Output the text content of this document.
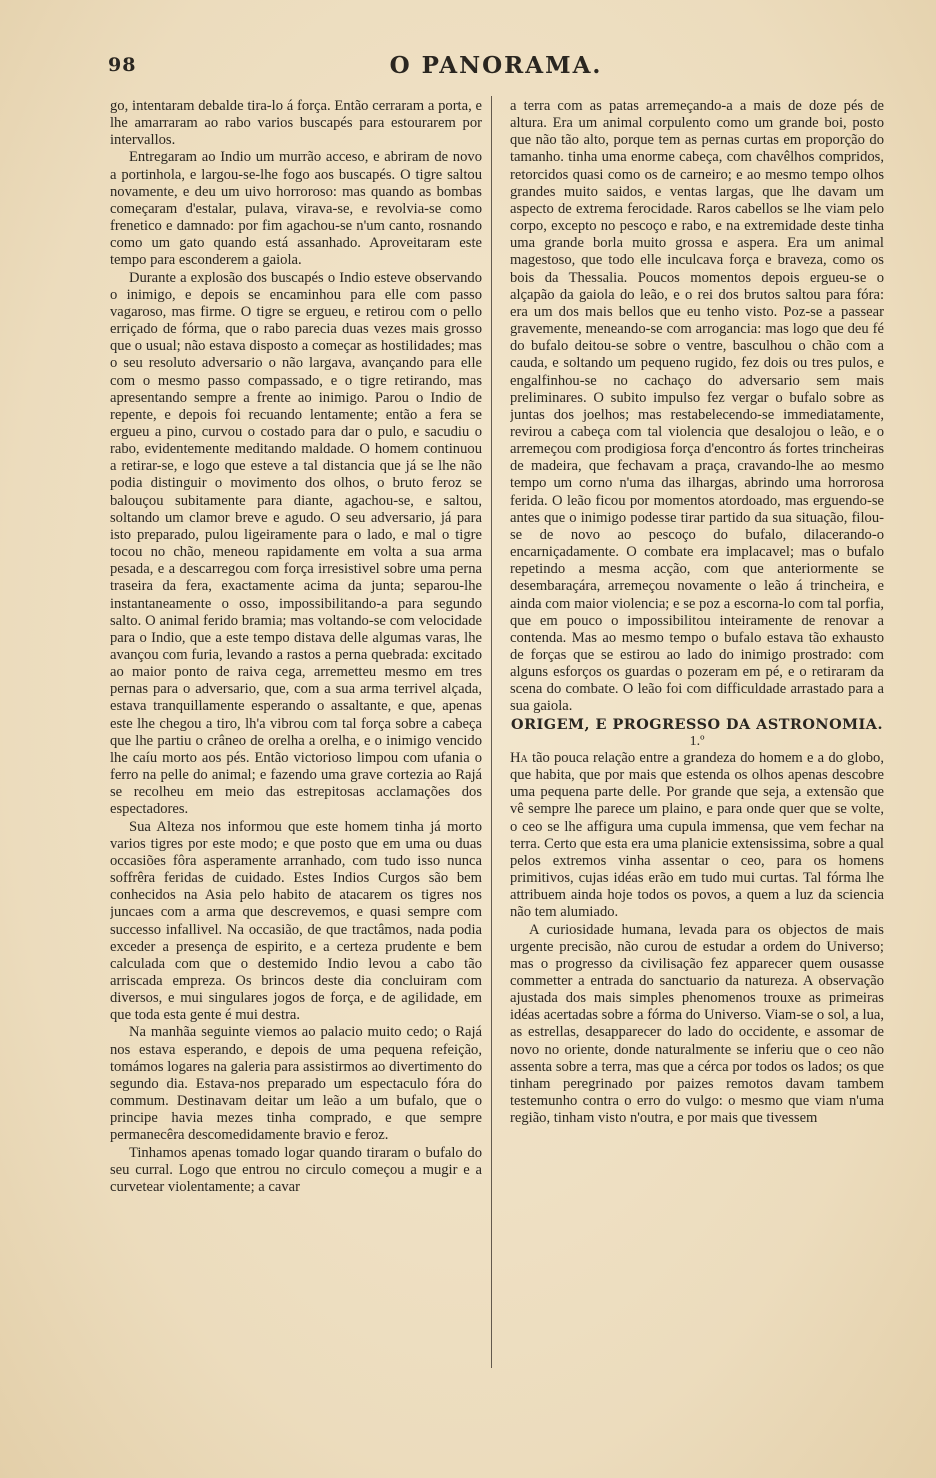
98	O PANORAMA.

go, intentaram debalde tira-lo á força. Então cerraram a porta, e lhe amarraram ao rabo varios buscapés para estourarem por intervallos.

Entregaram ao Indio um murrão acceso, e abriram de novo a portinhola, e largou-se-lhe fogo aos buscapés. O tigre saltou novamente, e deu um uivo horroroso: mas quando as bombas começaram d'estalar, pulava, virava-se, e revolvia-se como frenetico e damnado: por fim agachou-se n'um canto, rosnando como um gato quando está assanhado. Aproveitaram este tempo para esconderem a gaiola.

Durante a explosão dos buscapés o Indio esteve observando o inimigo, e depois se encaminhou para elle com passo vagaroso, mas firme. O tigre se ergueu, e retirou com o pello erriçado de fórma, que o rabo parecia duas vezes mais grosso que o usual; não estava disposto a começar as hostilidades; mas o seu resoluto adversario o não largava, avançando para elle com o mesmo passo compassado, e o tigre retirando, mas apresentando sempre a frente ao inimigo. Parou o Indio de repente, e depois foi recuando lentamente; então a fera se ergueu a pino, curvou o costado para dar o pulo, e sacudiu o rabo, evidentemente meditando maldade. O homem continuou a retirar-se, e logo que esteve a tal distancia que já se lhe não podia distinguir o movimento dos olhos, o bruto feroz se balouçou subitamente para diante, agachou-se, e saltou, soltando um clamor breve e agudo. O seu adversario, já para isto preparado, pulou ligeiramente para o lado, e mal o tigre tocou no chão, meneou rapidamente em volta a sua arma pesada, e a descarregou com força irresistivel sobre uma perna traseira da fera, exactamente acima da junta; separou-lhe instantaneamente o osso, impossibilitando-a para segundo salto. O animal ferido bramia; mas voltando-se com velocidade para o Indio, que a este tempo distava delle algumas varas, lhe avançou com furia, levando a rastos a perna quebrada: excitado ao maior ponto de raiva cega, arremetteu mesmo em tres pernas para o adversario, que, com a sua arma terrivel alçada, estava tranquillamente esperando o assaltante, e que, apenas este lhe chegou a tiro, lh'a vibrou com tal força sobre a cabeça que lhe partiu o crâneo de orelha a orelha, e o inimigo vencido lhe caíu morto aos pés. Então victorioso limpou com ufania o ferro na pelle do animal; e fazendo uma grave cortezia ao Rajá se recolheu em meio das estrepitosas acclamações dos espectadores.

Sua Alteza nos informou que este homem tinha já morto varios tigres por este modo; e que posto que em uma ou duas occasiões fôra asperamente arranhado, com tudo isso nunca soffrêra feridas de cuidado. Estes Indios Curgos são bem conhecidos na Asia pelo habito de atacarem os tigres nos juncaes com a arma que descrevemos, e quasi sempre com successo infallivel. Na occasião, de que tractâmos, nada podia exceder a presença de espirito, e a certeza prudente e bem calculada com que o destemido Indio levou a cabo tão arriscada empreza. Os brincos deste dia concluiram com diversos, e mui singulares jogos de força, e de agilidade, em que toda esta gente é mui destra.

Na manhãa seguinte viemos ao palacio muito cedo; o Rajá nos estava esperando, e depois de uma pequena refeição, tomámos logares na galeria para assistirmos ao divertimento do segundo dia. Estava-nos preparado um espectaculo fóra do commum. Destinavam deitar um leão a um bufalo, que o principe havia mezes tinha comprado, e que sempre permanecêra descomedidamente bravio e feroz.

Tinhamos apenas tomado logar quando tiraram o bufalo do seu curral. Logo que entrou no circulo começou a mugir e a curvetear violentamente; a cavar

a terra com as patas arremeçando-a a mais de doze pés de altura. Era um animal corpulento como um grande boi, posto que não tão alto, porque tem as pernas curtas em proporção do tamanho. tinha uma enorme cabeça, com chavêlhos compridos, retorcidos quasi como os de carneiro; e ao mesmo tempo olhos grandes muito saidos, e ventas largas, que lhe davam um aspecto de extrema ferocidade. Raros cabellos se lhe viam pelo corpo, excepto no pescoço e rabo, e na extremidade deste tinha uma grande borla muito grossa e aspera. Era um animal magestoso, que todo elle inculcava força e braveza, como os bois da Thessalia. Poucos momentos depois ergueu-se o alçapão da gaiola do leão, e o rei dos brutos saltou para fóra: era um dos mais bellos que eu tenho visto. Poz-se a passear gravemente, meneando-se com arrogancia: mas logo que deu fé do bufalo deitou-se sobre o ventre, basculhou o chão com a cauda, e soltando um pequeno rugido, fez dois ou tres pulos, e engalfinhou-se no cachaço do adversario sem mais preliminares. O subito impulso fez vergar o bufalo sobre as juntas dos joelhos; mas restabelecendo-se immediatamente, revirou a cabeça com tal violencia que desalojou o leão, e o arremeçou com prodigiosa força d'encontro ás fortes trincheiras de madeira, que fechavam a praça, cravando-lhe ao mesmo tempo um corno n'uma das ilhargas, abrindo uma horrorosa ferida. O leão ficou por momentos atordoado, mas erguendo-se antes que o inimigo podesse tirar partido da sua situação, filou-se de novo ao pescoço do bufalo, dilacerando-o encarniçadamente. O combate era implacavel; mas o bufalo repetindo a mesma acção, com que anteriormente se desembaraçára, arremeçou novamente o leão á trincheira, e ainda com maior violencia; e se poz a escorna-lo com tal porfia, que em pouco o impossibilitou inteiramente de renovar a contenda. Mas ao mesmo tempo o bufalo estava tão exhausto de forças que se estirou ao lado do inimigo prostrado: com alguns esforços os guardas o pozeram em pé, e o retiraram da scena do combate. O leão foi com difficuldade arrastado para a sua gaiola.

ORIGEM, E PROGRESSO DA ASTRONOMIA.

1.º

Ha tão pouca relação entre a grandeza do homem e a do globo, que habita, que por mais que estenda os olhos apenas descobre uma pequena parte delle. Por grande que seja, a extensão que vê sempre lhe parece um plaino, e para onde quer que se volte, o ceo se lhe affigura uma cupula immensa, que vem fechar na terra. Certo que esta era uma planicie extensissima, sobre a qual pelos extremos vinha assentar o ceo, para os homens primitivos, cujas idéas erão em tudo mui curtas. Tal fórma lhe attribuem ainda hoje todos os povos, a quem a luz da sciencia não tem alumiado.

A curiosidade humana, levada para os objectos de mais urgente precisão, não curou de estudar a ordem do Universo; mas o progresso da civilisação fez apparecer quem ousasse commetter a entrada do sanctuario da natureza. A observação ajustada dos mais simples phenomenos trouxe as primeiras idéas acertadas sobre a fórma do Universo. Viam-se o sol, a lua, as estrellas, desapparecer do lado do occidente, e assomar de novo no oriente, donde naturalmente se inferiu que o ceo não assenta sobre a terra, mas que a cérca por todos os lados; os que tinham peregrinado por paizes remotos davam tambem testemunho contra o erro do vulgo: o mesmo que viam n'uma região, tinham visto n'outra, e por mais que tivessem
